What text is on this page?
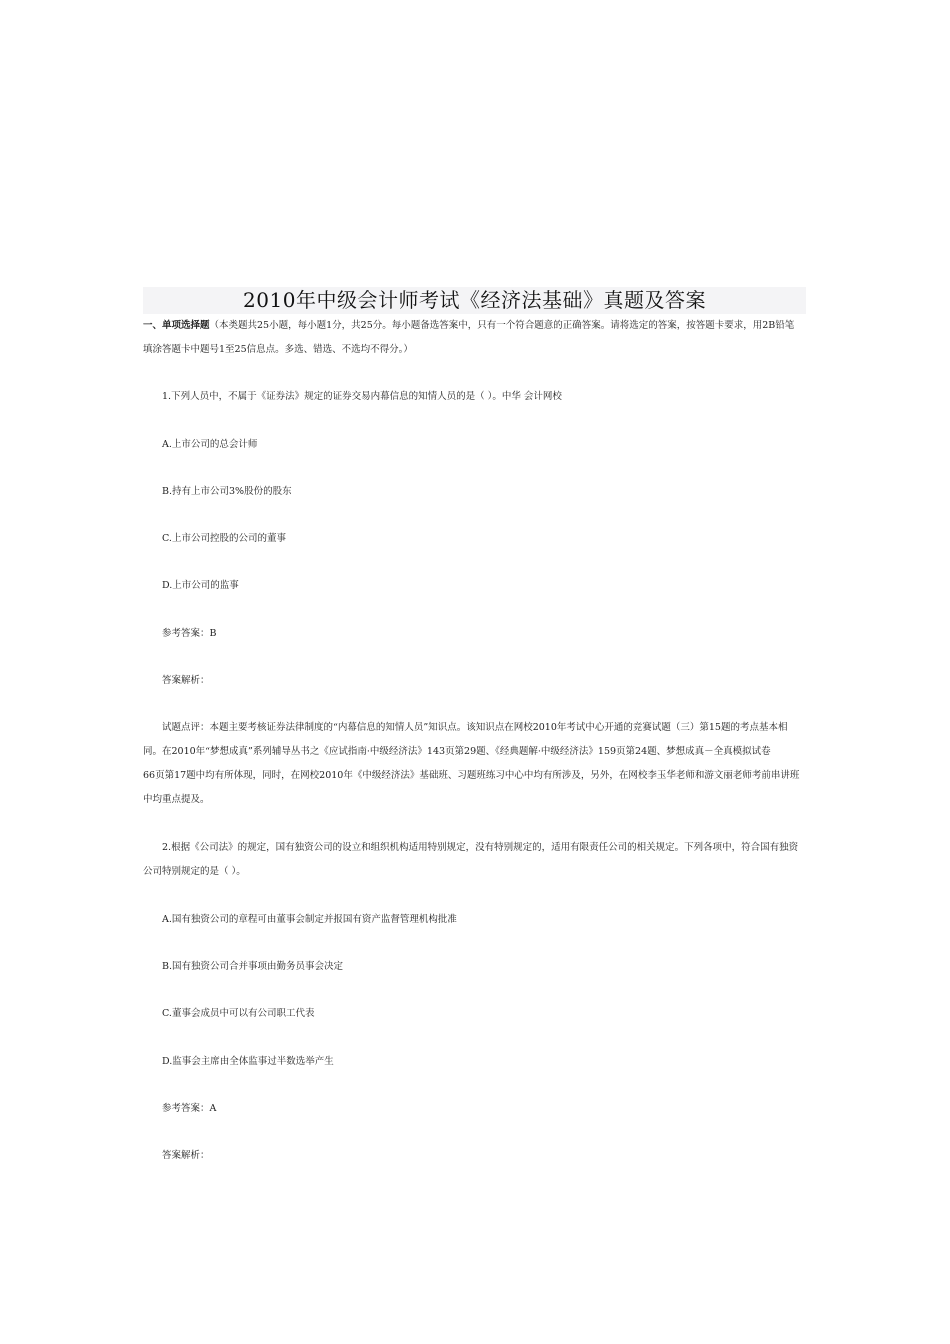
2010年中级会计师考试《经济法基础》真题及答案
一、单项选择题（本类题共25小题，每小题1分，共25分。每小题备选答案中，只有一个符合题意的正确答案。请将选定的答案，按答题卡要求，用2B铅笔
填涂答题卡中题号1至25信息点。多选、错选、不选均不得分。）
1.下列人员中，不属于《证券法》规定的证券交易内幕信息的知情人员的是（ ）。中华 会计网校
A.上市公司的总会计师
B.持有上市公司3%股份的股东
C.上市公司控股的公司的董事
D.上市公司的监事
参考答案：B
答案解析：
试题点评：本题主要考核证券法律制度的“内幕信息的知情人员”知识点。该知识点在网校2010年考试中心开通的竞赛试题（三）第15题的考点基本相
同。在2010年“梦想成真”系列辅导丛书之《应试指南·中级经济法》143页第29题、《经典题解·中级经济法》159页第24题、梦想成真－全真模拟试卷
66页第17题中均有所体现，同时，在网校2010年《中级经济法》基础班、习题班练习中心中均有所涉及，另外，在网校李玉华老师和游文丽老师考前串讲班
中均重点提及。
2.根据《公司法》的规定，国有独资公司的设立和组织机构适用特别规定，没有特别规定的，适用有限责任公司的相关规定。下列各项中，符合国有独资
公司特别规定的是（ ）。
A.国有独资公司的章程可由董事会制定并报国有资产监督管理机构批准
B.国有独资公司合并事项由勤务员事会决定
C.董事会成员中可以有公司职工代表
D.监事会主席由全体监事过半数选举产生
参考答案：A
答案解析：
